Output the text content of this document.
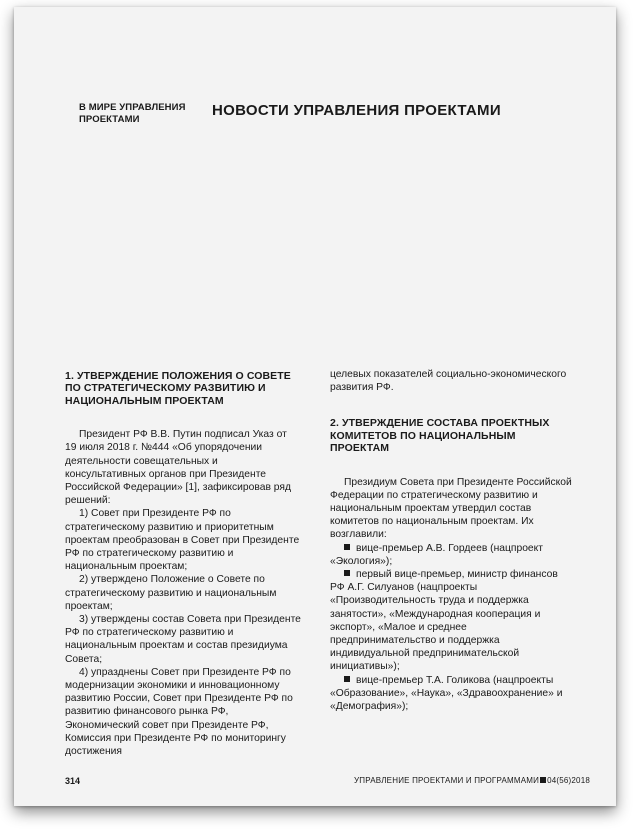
В МИРЕ УПРАВЛЕНИЯ ПРОЕКТАМИ
НОВОСТИ УПРАВЛЕНИЯ ПРОЕКТАМИ
1. УТВЕРЖДЕНИЕ ПОЛОЖЕНИЯ О СОВЕТЕ ПО СТРАТЕГИЧЕСКОМУ РАЗВИТИЮ И НАЦИОНАЛЬНЫМ ПРОЕКТАМ

Президент РФ В.В. Путин подписал Указ от 19 июля 2018 г. №444 «Об упорядочении деятельности совещательных и консультативных органов при Президенте Российской Федерации» [1], зафиксировав ряд решений:

1) Совет при Президенте РФ по стратегическому развитию и приоритетным проектам преобразован в Совет при Президенте РФ по стратегическому развитию и национальным проектам;

2) утверждено Положение о Совете по стратегическому развитию и национальным проектам;

3) утверждены состав Совета при Президенте РФ по стратегическому развитию и национальным проектам и состав президиума Совета;

4) упразднены Совет при Президенте РФ по модернизации экономики и инновационному развитию России, Совет при Президенте РФ по развитию финансового рынка РФ, Экономический совет при Президенте РФ, Комиссия при Президенте РФ по мониторингу достижения

целевых показателей социально-экономического развития РФ.

2. УТВЕРЖДЕНИЕ СОСТАВА ПРОЕКТНЫХ КОМИТЕТОВ ПО НАЦИОНАЛЬНЫМ ПРОЕКТАМ

Президиум Совета при Президенте Российской Федерации по стратегическому развитию и национальным проектам утвердил состав комитетов по национальным проектам. Их возглавили:

вице-премьер А.В. Гордеев (нацпроект «Экология»);

первый вице-премьер, министр финансов РФ А.Г. Силуанов (нацпроекты «Производительность труда и поддержка занятости», «Международная кооперация и экспорт», «Малое и среднее предпринимательство и поддержка индивидуальной предпринимательской инициативы»);

вице-премьер Т.А. Голикова (нацпроекты «Образование», «Наука», «Здравоохранение» и «Демография»);

314	УПРАВЛЕНИЕ ПРОЕКТАМИ И ПРОГРАММАМИ 04(56)2018
